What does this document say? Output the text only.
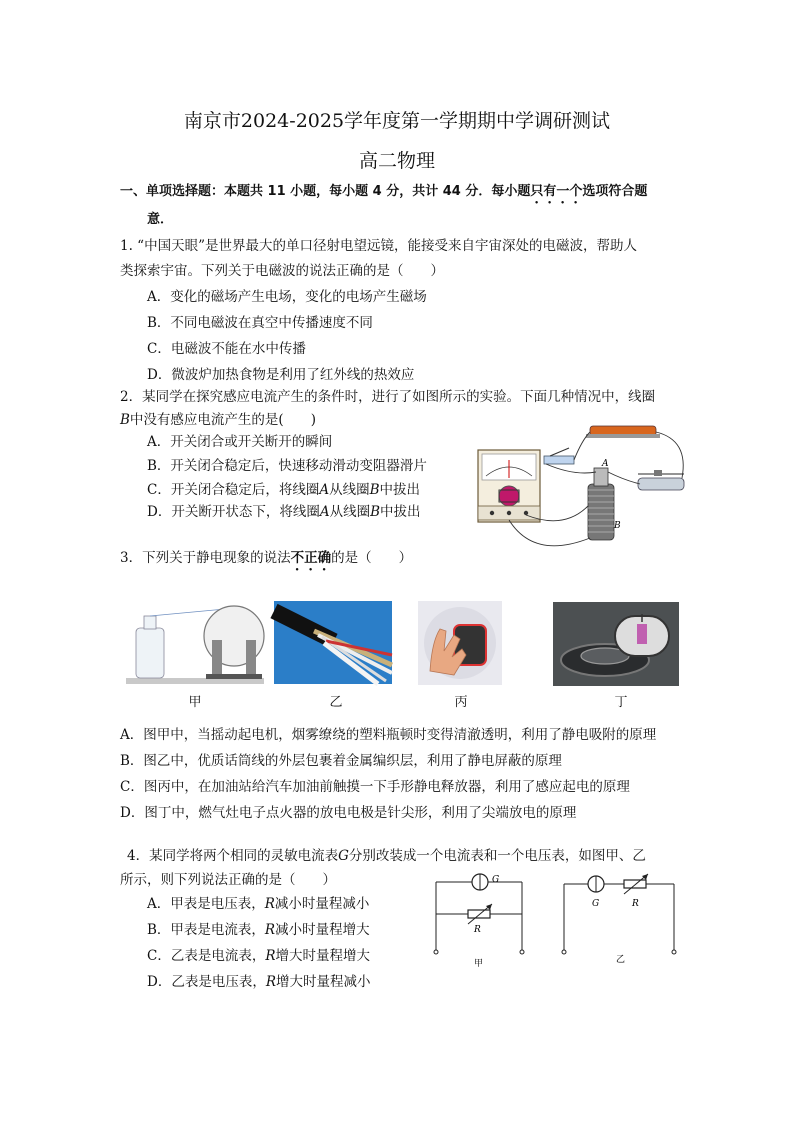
南京市2024-2025学年度第一学期期中学调研测试
高二物理
一、单项选择题：本题共 11 小题，每小题 4 分，共计 44 分．每小题只有一个选项符合题
意．
1. “中国天眼”是世界最大的单口径射电望远镜，能接受来自宇宙深处的电磁波，帮助人
类探索宇宙。下列关于电磁波的说法正确的是（　　）
A．变化的磁场产生电场，变化的电场产生磁场
B．不同电磁波在真空中传播速度不同
C．电磁波不能在水中传播
D．微波炉加热食物是利用了红外线的热效应
2．某同学在探究感应电流产生的条件时，进行了如图所示的实验。下面几种情况中，线圈
B中没有感应电流产生的是(　　)
A．开关闭合或开关断开的瞬间
B．开关闭合稳定后，快速移动滑动变阻器滑片
C．开关闭合稳定后，将线圈A从线圈B中拔出
D．开关断开状态下，将线圈A从线圈B中拔出
A
B
3．下列关于静电现象的说法不正确的是（　　）
甲	乙	丙	丁
A．图甲中，当摇动起电机，烟雾缭绕的塑料瓶顿时变得清澈透明，利用了静电吸附的原理
B．图乙中，优质话筒线的外层包裹着金属编织层，利用了静电屏蔽的原理
C．图丙中，在加油站给汽车加油前触摸一下手形静电释放器，利用了感应起电的原理
D．图丁中，燃气灶电子点火器的放电电极是针尖形，利用了尖端放电的原理
4．某同学将两个相同的灵敏电流表G分别改装成一个电流表和一个电压表，如图甲、乙
所示，则下列说法正确的是（　　）
A．甲表是电压表，R减小时量程减小
B．甲表是电流表，R减小时量程增大
C．乙表是电流表，R增大时量程增大
D．乙表是电压表，R增大时量程减小
G
R
甲
G	R
乙
